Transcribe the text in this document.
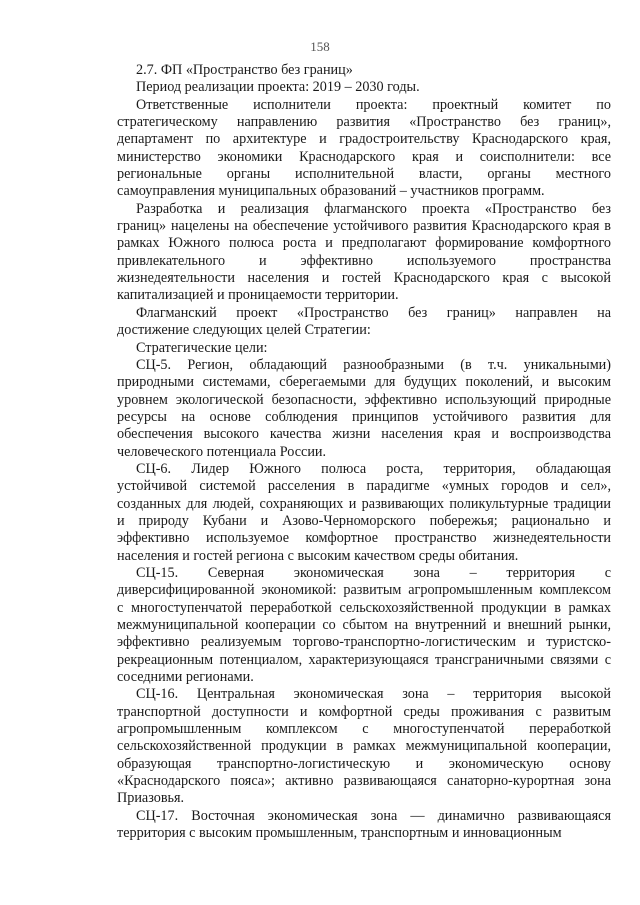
158
2.7. ФП «Пространство без границ»
Период реализации проекта: 2019 – 2030 годы.
Ответственные исполнители проекта: проектный комитет по
стратегическому направлению развития «Пространство без границ»,
департамент по архитектуре и градостроительству Краснодарского края,
министерство экономики Краснодарского края и соисполнители: все
региональные органы исполнительной власти, органы местного
самоуправления муниципальных образований – участников программ.
Разработка и реализация флагманского проекта «Пространство без
границ» нацелены на обеспечение устойчивого развития Краснодарского края в
рамках Южного полюса роста и предполагают формирование комфортного
привлекательного и эффективно используемого пространства
жизнедеятельности населения и гостей Краснодарского края с высокой
капитализацией и проницаемости территории.
Флагманский проект «Пространство без границ» направлен на
достижение следующих целей Стратегии:
Стратегические цели:
СЦ-5. Регион, обладающий разнообразными (в т.ч. уникальными)
природными системами, сберегаемыми для будущих поколений, и высоким
уровнем экологической безопасности, эффективно использующий природные
ресурсы на основе соблюдения принципов устойчивого развития для
обеспечения высокого качества жизни населения края и воспроизводства
человеческого потенциала России.
СЦ-6. Лидер Южного полюса роста, территория, обладающая
устойчивой системой расселения в парадигме «умных городов и сел»,
созданных для людей, сохраняющих и развивающих поликультурные традиции
и природу Кубани и Азово-Черноморского побережья; рационально и
эффективно используемое комфортное пространство жизнедеятельности
населения и гостей региона с высоким качеством среды обитания.
СЦ-15. Северная экономическая зона – территория с
диверсифицированной экономикой: развитым агропромышленным комплексом
с многоступенчатой переработкой сельскохозяйственной продукции в рамках
межмуниципальной кооперации со сбытом на внутренний и внешний рынки,
эффективно реализуемым торгово-транспортно-логистическим и туристско-
рекреационным потенциалом, характеризующаяся трансграничными связями с
соседними регионами.
СЦ-16. Центральная экономическая зона – территория высокой
транспортной доступности и комфортной среды проживания с развитым
агропромышленным комплексом с многоступенчатой переработкой
сельскохозяйственной продукции в рамках межмуниципальной кооперации,
образующая транспортно-логистическую и экономическую основу
«Краснодарского пояса»; активно развивающаяся санаторно-курортная зона
Приазовья.
СЦ-17. Восточная экономическая зона — динамично развивающаяся
территория с высоким промышленным, транспортным и инновационным
